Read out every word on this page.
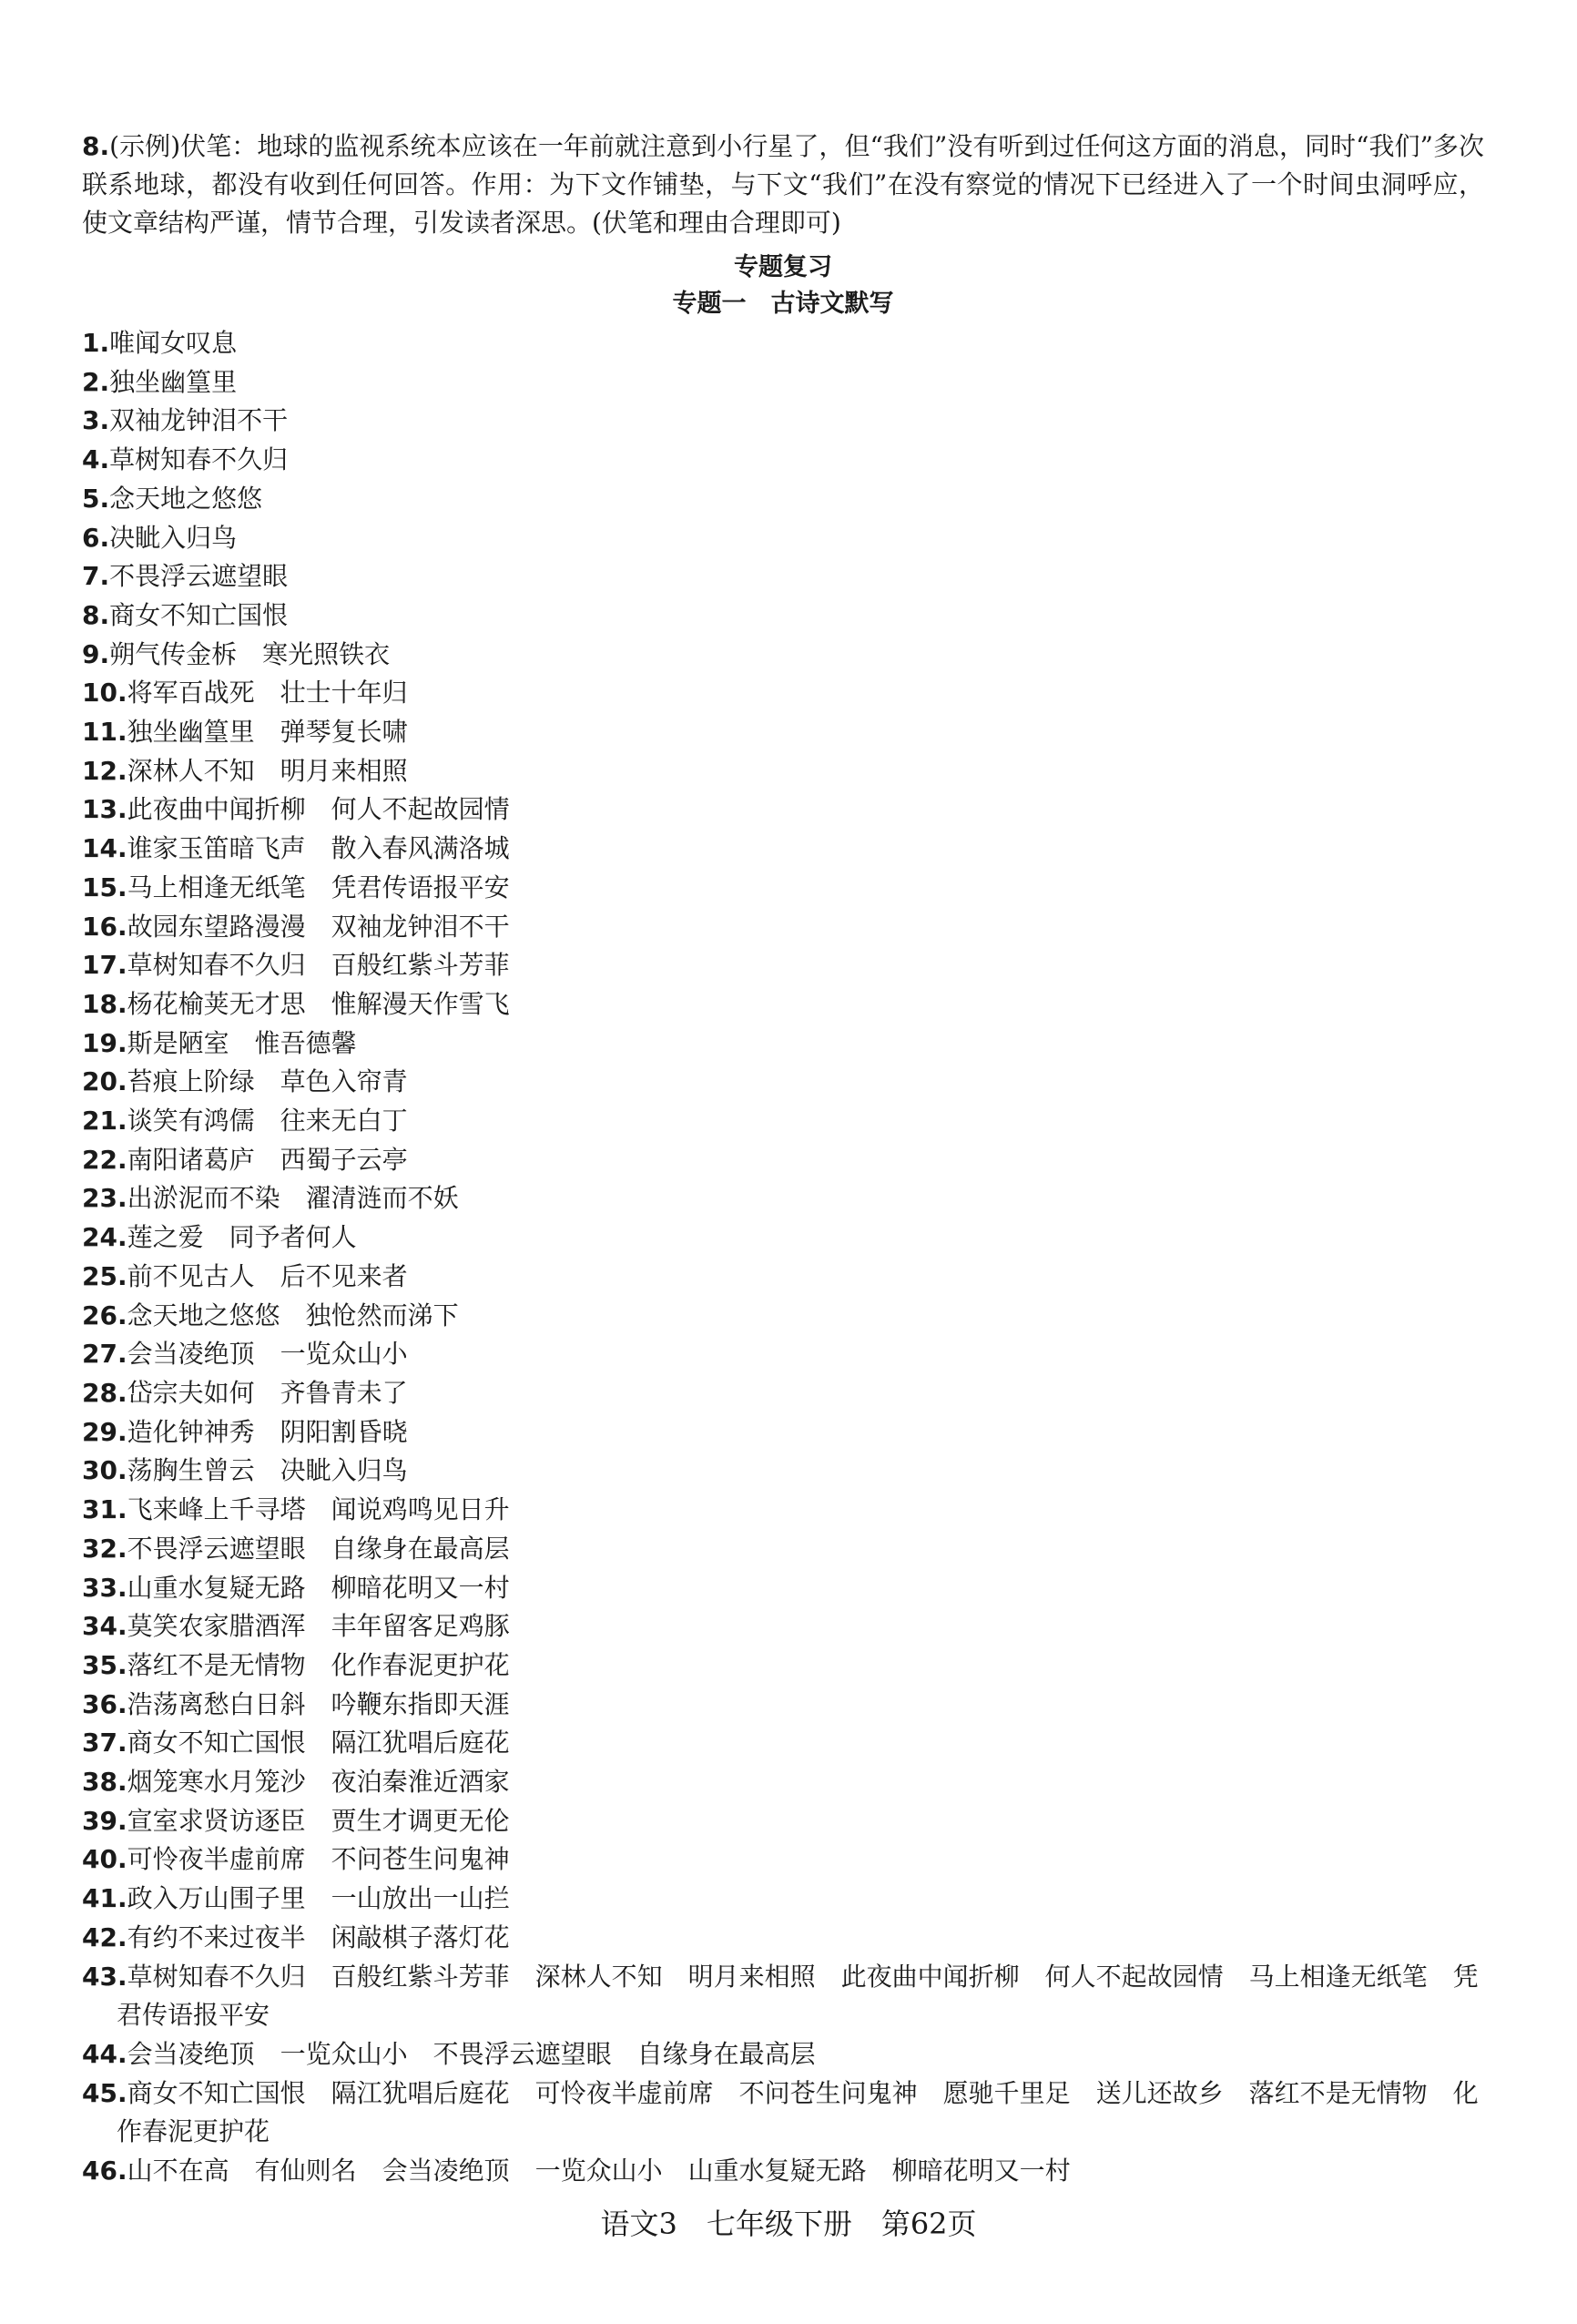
8.(示例)伏笔：地球的监视系统本应该在一年前就注意到小行星了，但“我们”没有听到过任何这方面的消息，同时“我们”多次联系地球，都没有收到任何回答。作用：为下文作铺垫，与下文“我们”在没有察觉的情况下已经进入了一个时间虫洞呼应，使文章结构严谨，情节合理，引发读者深思。(伏笔和理由合理即可)

专题复习

专题一　古诗文默写

1.唯闻女叹息
2.独坐幽篁里
3.双袖龙钟泪不干
4.草树知春不久归
5.念天地之悠悠
6.决眦入归鸟
7.不畏浮云遮望眼
8.商女不知亡国恨
9.朔气传金柝　寒光照铁衣
10.将军百战死　壮士十年归
11.独坐幽篁里　弹琴复长啸
12.深林人不知　明月来相照
13.此夜曲中闻折柳　何人不起故园情
14.谁家玉笛暗飞声　散入春风满洛城
15.马上相逢无纸笔　凭君传语报平安
16.故园东望路漫漫　双袖龙钟泪不干
17.草树知春不久归　百般红紫斗芳菲
18.杨花榆荚无才思　惟解漫天作雪飞
19.斯是陋室　惟吾德馨
20.苔痕上阶绿　草色入帘青
21.谈笑有鸿儒　往来无白丁
22.南阳诸葛庐　西蜀子云亭
23.出淤泥而不染　濯清涟而不妖
24.莲之爱　同予者何人
25.前不见古人　后不见来者
26.念天地之悠悠　独怆然而涕下
27.会当凌绝顶　一览众山小
28.岱宗夫如何　齐鲁青未了
29.造化钟神秀　阴阳割昏晓
30.荡胸生曾云　决眦入归鸟
31.飞来峰上千寻塔　闻说鸡鸣见日升
32.不畏浮云遮望眼　自缘身在最高层
33.山重水复疑无路　柳暗花明又一村
34.莫笑农家腊酒浑　丰年留客足鸡豚
35.落红不是无情物　化作春泥更护花
36.浩荡离愁白日斜　吟鞭东指即天涯
37.商女不知亡国恨　隔江犹唱后庭花
38.烟笼寒水月笼沙　夜泊秦淮近酒家
39.宣室求贤访逐臣　贾生才调更无伦
40.可怜夜半虚前席　不问苍生问鬼神
41.政入万山围子里　一山放出一山拦
42.有约不来过夜半　闲敲棋子落灯花
43.草树知春不久归　百般红紫斗芳菲　深林人不知　明月来相照　此夜曲中闻折柳　何人不起故园情　马上相逢无纸笔　凭君传语报平安
44.会当凌绝顶　一览众山小　不畏浮云遮望眼　自缘身在最高层
45.商女不知亡国恨　隔江犹唱后庭花　可怜夜半虚前席　不问苍生问鬼神　愿驰千里足　送儿还故乡　落红不是无情物　化作春泥更护花
46.山不在高　有仙则名　会当凌绝顶　一览众山小　山重水复疑无路　柳暗花明又一村
语文3　七年级下册　第62页
